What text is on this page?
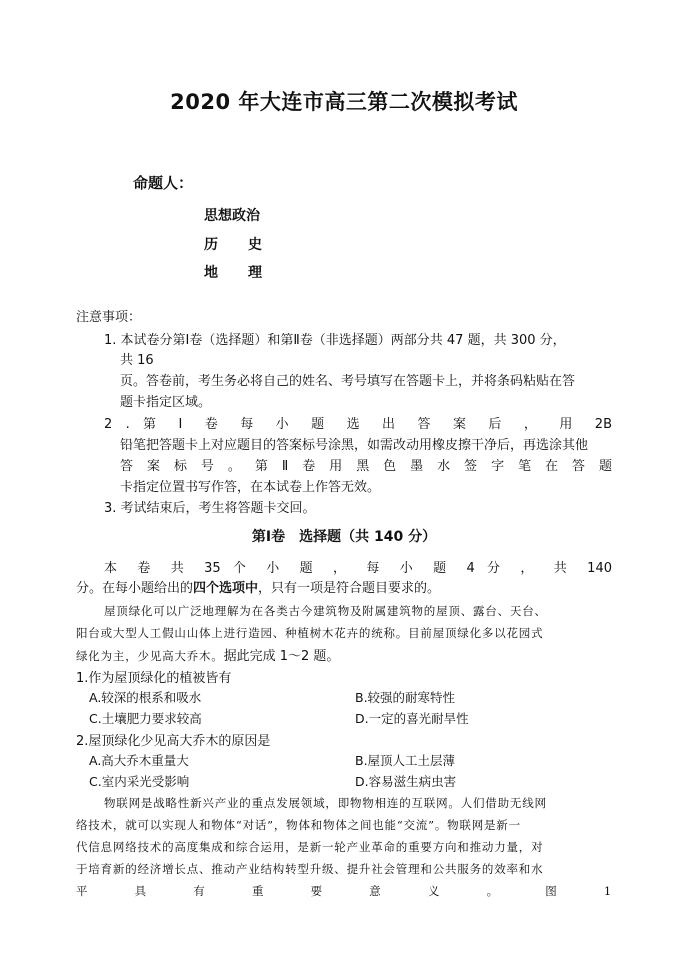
2020 年大连市高三第二次模拟考试
命题人：
思想政治
历 史
地 理
注意事项：
1. 本试卷分第Ⅰ卷（选择题）和第Ⅱ卷（非选择题）两部分共 47 题，共 300 分，
共 16
页。答卷前，考生务必将自己的姓名、考号填写在答题卡上，并将条码粘贴在答
题卡指定区域。
2 . 第 Ⅰ 卷 每 小 题 选 出 答 案 后 ， 用 2B
铅笔把答题卡上对应题目的答案标号涂黑，如需改动用橡皮擦干净后，再选涂其他
答 案 标 号 。 第 Ⅱ 卷 用 黑 色 墨 水 签 字 笔 在 答 题
卡指定位置书写作答，在本试卷上作答无效。
3. 考试结束后，考生将答题卡交回。
第Ⅰ卷　选择题（共 140 分）
本 卷 共 35 个 小 题 ， 每 小 题 4 分 ， 共 140
分。在每小题给出的四个选项中，只有一项是符合题目要求的。
屋顶绿化可以广泛地理解为在各类古今建筑物及附属建筑物的屋顶、露台、天台、
阳台或大型人工假山山体上进行造园、种植树木花卉的统称。目前屋顶绿化多以花园式
绿化为主，少见高大乔木。据此完成 1～2 题。
1.作为屋顶绿化的植被皆有
A.较深的根系和吸水	B.较强的耐寒特性
C.土壤肥力要求较高	D.一定的喜光耐旱性
2.屋顶绿化少见高大乔木的原因是
A.高大乔木重量大	B.屋顶人工土层薄
C.室内采光受影响	D.容易滋生病虫害
物联网是战略性新兴产业的重点发展领域，即物物相连的互联网。人们借助无线网
络技术，就可以实现人和物体“对话”，物体和物体之间也能“交流”。物联网是新一
代信息网络技术的高度集成和综合运用，是新一轮产业革命的重要方向和推动力量，对
于培育新的经济增长点、推动产业结构转型升级、提升社会管理和公共服务的效率和水
平 具 有 重 要 意 义 。 图 1
